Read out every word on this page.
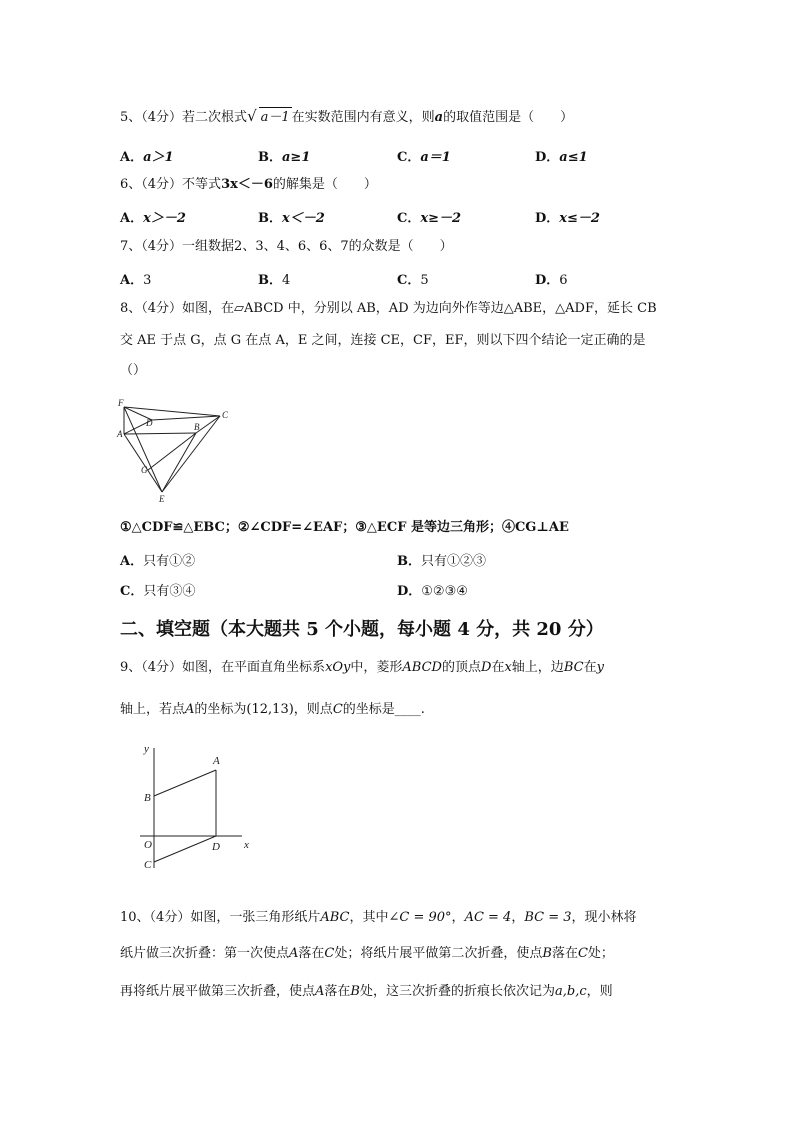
5、（4分）若二次根式√ a－1 在实数范围内有意义，则a的取值范围是（　　）
A．a＞1	B．a≥1	C．a＝1	D．a≤1
6、（4分）不等式3x＜－6的解集是（　　）
A．x＞－2	B．x＜－2	C．x≥－2	D．x≤－2
7、（4分）一组数据2、3、4、6、6、7的众数是（　　）
A．3	B．4	C．5	D．6
8、（4分）如图，在▱ABCD 中，分别以 AB，AD 为边向外作等边△ABE，△ADF，延长 CB
交 AE 于点 G，点 G 在点 A，E 之间，连接 CE，CF，EF，则以下四个结论一定正确的是
（）
F
D
C
A
B
G
E
①△CDF≌△EBC；②∠CDF=∠EAF；③△ECF 是等边三角形；④CG⊥AE
A．只有①②	B．只有①②③
C．只有③④	D．①②③④
二、填空题（本大题共 5 个小题，每小题 4 分，共 20 分）
9、（4分）如图，在平面直角坐标系xOy中，菱形ABCD的顶点D在x轴上，边BC在y
轴上，若点A的坐标为(12,13)，则点C的坐标是____.
y
A
B
O	D x
C
10、（4分）如图，一张三角形纸片ABC，其中∠C = 90°，AC = 4，BC = 3，现小林将
纸片做三次折叠：第一次使点A落在C处；将纸片展平做第二次折叠，使点B落在C处；
再将纸片展平做第三次折叠，使点A落在B处，这三次折叠的折痕长依次记为a,b,c，则
